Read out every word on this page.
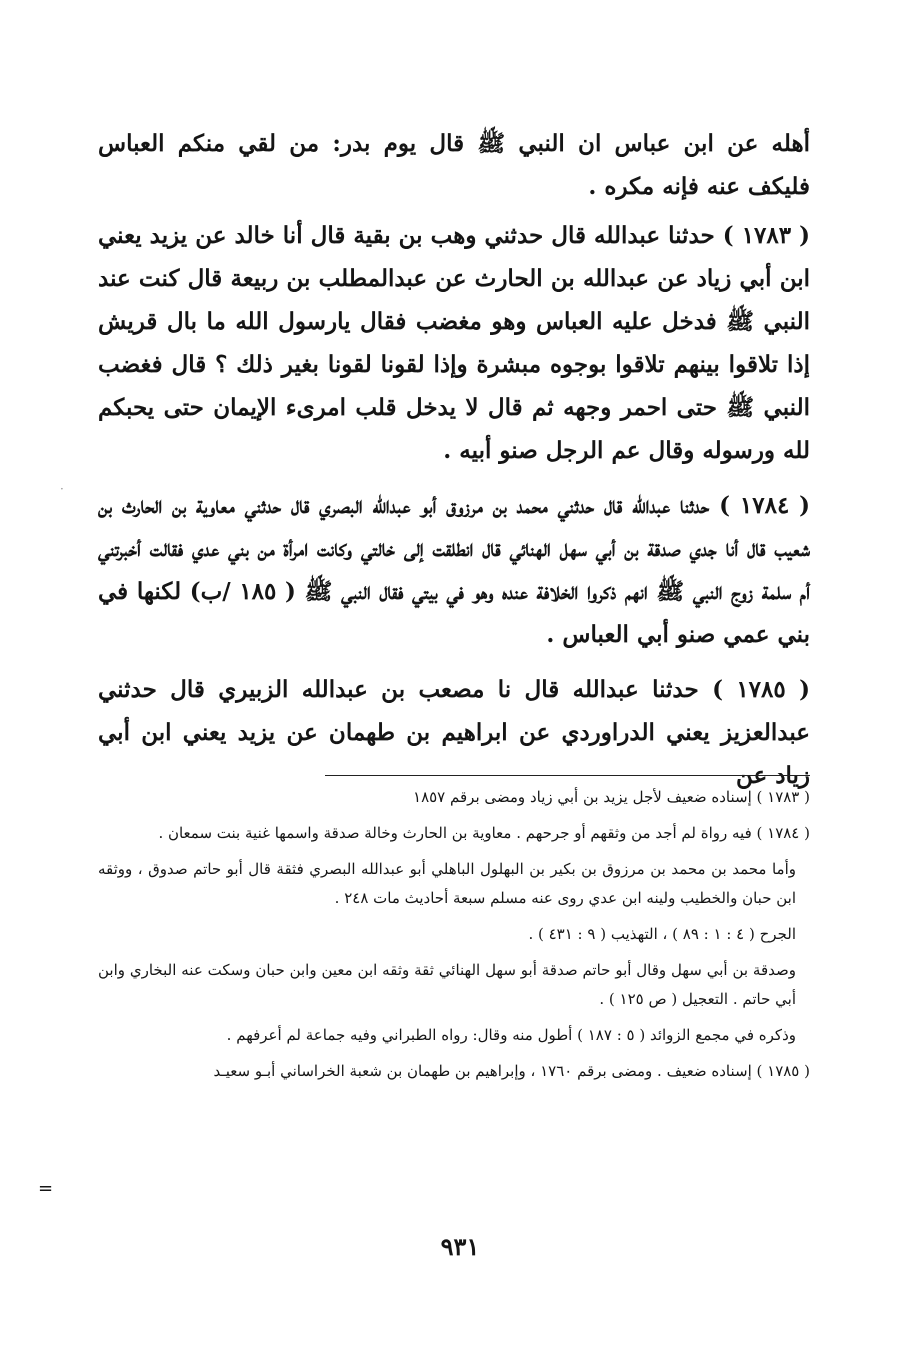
أهله عن ابن عباس ان النبي ﷺ قال يوم بدر: من لقي منكم العباس فليكف عنه فإنه مكره .

( ١٧٨٣ ) حدثنا عبدالله قال حدثني وهب بن بقية قال أنا خالد عن يزيد يعني ابن أبي زياد عن عبدالله بن الحارث عن عبدالمطلب بن ربيعة قال كنت عند النبي ﷺ فدخل عليه العباس وهو مغضب فقال يارسول الله ما بال قريش إذا تلاقوا بينهم تلاقوا بوجوه مبشرة وإذا لقونا لقونا بغير ذلك ؟ قال فغضب النبي ﷺ حتى احمر وجهه ثم قال لا يدخل قلب امرىء الإيمان حتى يحبكم لله ورسوله وقال عم الرجل صنو أبيه .

( ١٧٨٤ ) حدثنا عبدالله قال حدثني محمد بن مرزوق أبو عبدالله البصري قال حدثني معاوية بن الحارث بن شعيب قال أنا جدي صدقة بن أبي سهل الهنائي قال انطلقت إلى خالتي وكانت امرأة من بني عدي فقالت أخبرتني أم سلمة زوج النبي ﷺ انهم ذكروا الخلافة عنده وهو في بيتي فقال النبي ﷺ ( ١٨٥ /ب) لكنها في بني عمي صنو أبي العباس .

( ١٧٨٥ ) حدثنا عبدالله قال نا مصعب بن عبدالله الزبيري قال حدثني عبدالعزيز يعني الدراوردي عن ابراهيم بن طهمان عن يزيد يعني ابن أبي زياد عن

·

( ١٧٨٣ ) إسناده ضعيف لأجل يزيد بن أبي زياد ومضى برقم ١٨٥٧

( ١٧٨٤ ) فيه رواة لم أجد من وثقهم أو جرحهم . معاوية بن الحارث وخالة صدقة واسمها غنية بنت سمعان .

وأما محمد بن محمد بن مرزوق بن بكير بن البهلول الباهلي أبو عبدالله البصري فثقة قال أبو حاتم صدوق ، ووثقه ابن حبان والخطيب ولينه ابن عدي روى عنه مسلم سبعة أحاديث مات ٢٤٨ .

الجرح ( ٤ : ١ : ٨٩ ) ، التهذيب ( ٩ : ٤٣١ ) .

وصدقة بن أبي سهل وقال أبو حاتم صدقة أبو سهل الهنائي ثقة وثقه ابن معين وابن حبان وسكت عنه البخاري وابن أبي حاتم . التعجيل ( ص ١٢٥ ) .

وذكره في مجمع الزوائد ( ٥ : ١٨٧ ) أطول منه وقال: رواه الطبراني وفيه جماعة لم أعرفهم .

( ١٧٨٥ ) إسناده ضعيف . ومضى برقم ١٧٦٠ ، وإبراهيم بن طهمان بن شعبة الخراساني أبـو سعيـد

=
٩٣١
